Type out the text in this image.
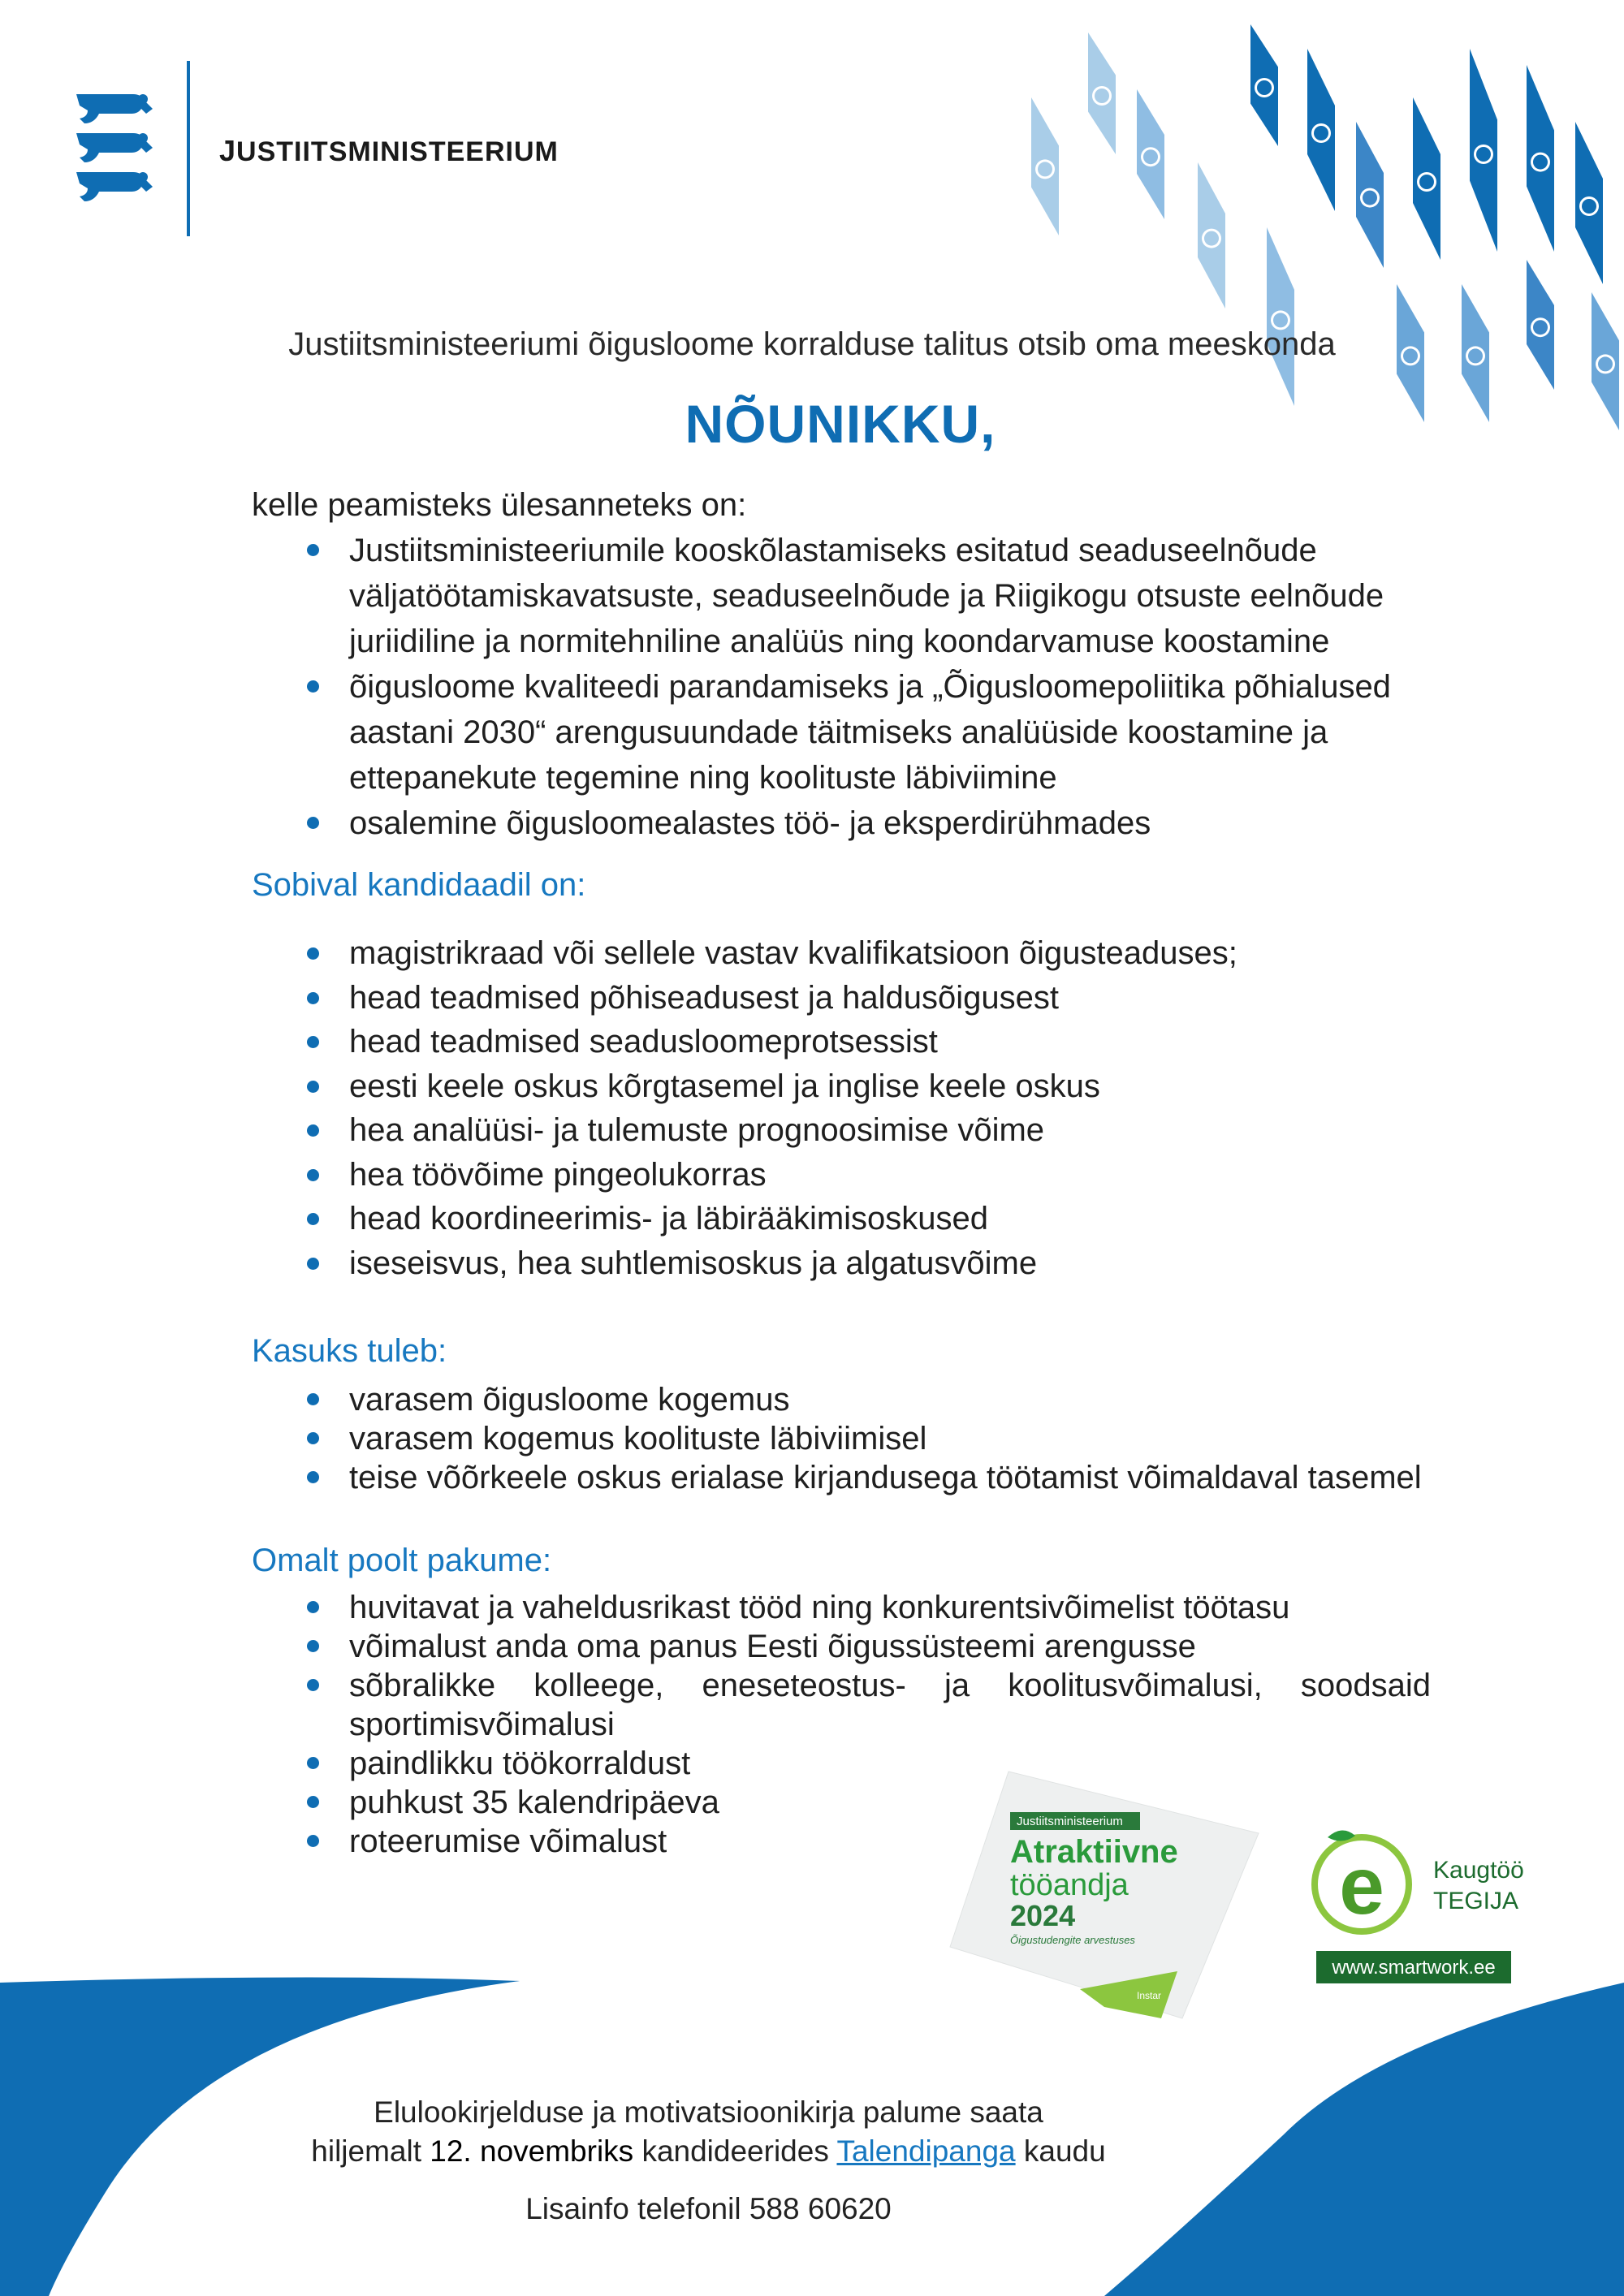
JUSTIITSMINISTEERIUM
Justiitsministeeriumi õigusloome korralduse talitus otsib oma meeskonda
NÕUNIKKU,
kelle peamisteks ülesanneteks on:
Justiitsministeeriumile kooskõlastamiseks esitatud seaduseelnõude väljatöötamiskavatsuste, seaduseelnõude ja Riigikogu otsuste eelnõude juriidiline ja normitehniline analüüs ning koondarvamuse koostamine
õigusloome kvaliteedi parandamiseks ja „Õigusloomepoliitika põhialused aastani 2030“ arengusuundade täitmiseks analüüside koostamine ja ettepanekute tegemine ning koolituste läbiviimine
osalemine õigusloomealastes töö- ja eksperdirühmades
Sobival kandidaadil on:
magistrikraad või sellele vastav kvalifikatsioon õigusteaduses;
head teadmised põhiseadusest ja haldusõigusest
head teadmised seadusloomeprotsessist
eesti keele oskus kõrgtasemel ja inglise keele oskus
hea analüüsi- ja tulemuste prognoosimise võime
hea töövõime pingeolukorras
head koordineerimis- ja läbirääkimisoskused
iseseisvus, hea suhtlemisoskus ja algatusvõime
Kasuks tuleb:
varasem õigusloome kogemus
varasem kogemus koolituste läbiviimisel
teise võõrkeele oskus erialase kirjandusega töötamist võimaldaval tasemel
Omalt poolt pakume:
huvitavat ja vaheldusrikast tööd ning konkurentsivõimelist töötasu
võimalust anda oma panus Eesti õigussüsteemi arengusse
sõbralikke kolleege, eneseteostus- ja koolitusvõimalusi, soodsaid sportimisvõimalusi
paindlikku töökorraldust
puhkust 35 kalendripäeva
roteerumise võimalust
Justiitsministeerium
Atraktiivne
tööandja
2024
Õigustudengite arvestuses
Instar
e Kaugtöö
TEGIJA
www.smartwork.ee
Elulookirjelduse ja motivatsioonikirja palume saata
hiljemalt 12. novembriks kandideerides Talendipanga kaudu
Lisainfo telefonil 588 60620
